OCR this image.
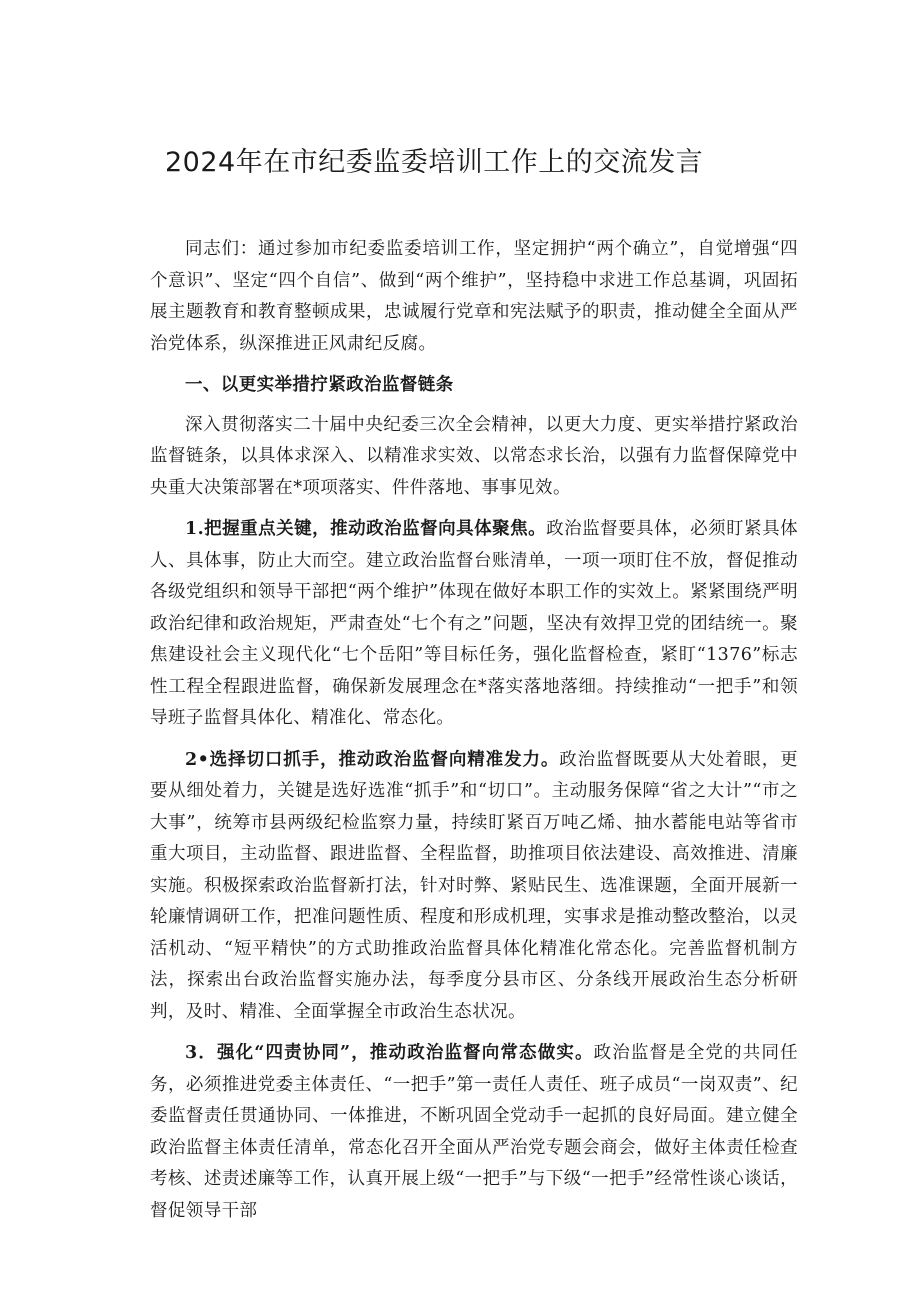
2024年在市纪委监委培训工作上的交流发言

同志们：通过参加市纪委监委培训工作，坚定拥护“两个确立”，自觉增强“四个意识”、坚定“四个自信”、做到“两个维护”，坚持稳中求进工作总基调，巩固拓展主题教育和教育整顿成果，忠诚履行党章和宪法赋予的职责，推动健全全面从严治党体系，纵深推进正风肃纪反腐。

一、以更实举措拧紧政治监督链条

深入贯彻落实二十届中央纪委三次全会精神，以更大力度、更实举措拧紧政治监督链条，以具体求深入、以精准求实效、以常态求长治，以强有力监督保障党中央重大决策部署在*项项落实、件件落地、事事见效。

1.把握重点关键，推动政治监督向具体聚焦。政治监督要具体，必须盯紧具体人、具体事，防止大而空。建立政治监督台账清单，一项一项盯住不放，督促推动各级党组织和领导干部把“两个维护”体现在做好本职工作的实效上。紧紧围绕严明政治纪律和政治规矩，严肃查处“七个有之”问题，坚决有效捍卫党的团结统一。聚焦建设社会主义现代化“七个岳阳”等目标任务，强化监督检查，紧盯“1376”标志性工程全程跟进监督，确保新发展理念在*落实落地落细。持续推动“一把手”和领导班子监督具体化、精准化、常态化。

2•选择切口抓手，推动政治监督向精准发力。政治监督既要从大处着眼，更要从细处着力，关键是选好选准“抓手”和“切口”。主动服务保障“省之大计”“市之大事”，统筹市县两级纪检监察力量，持续盯紧百万吨乙烯、抽水蓄能电站等省市重大项目，主动监督、跟进监督、全程监督，助推项目依法建设、高效推进、清廉实施。积极探索政治监督新打法，针对时弊、紧贴民生、选准课题，全面开展新一轮廉情调研工作，把准问题性质、程度和形成机理，实事求是推动整改整治，以灵活机动、“短平精快”的方式助推政治监督具体化精准化常态化。完善监督机制方法，探索出台政治监督实施办法，每季度分县市区、分条线开展政治生态分析研判，及时、精准、全面掌握全市政治生态状况。

3．强化“四责协同”，推动政治监督向常态做实。政治监督是全党的共同任务，必须推进党委主体责任、“一把手”第一责任人责任、班子成员“一岗双责”、纪委监督责任贯通协同、一体推进，不断巩固全党动手一起抓的良好局面。建立健全政治监督主体责任清单，常态化召开全面从严治党专题会商会，做好主体责任检查考核、述责述廉等工作，认真开展上级“一把手”与下级“一把手”经常性谈心谈话，督促领导干部
